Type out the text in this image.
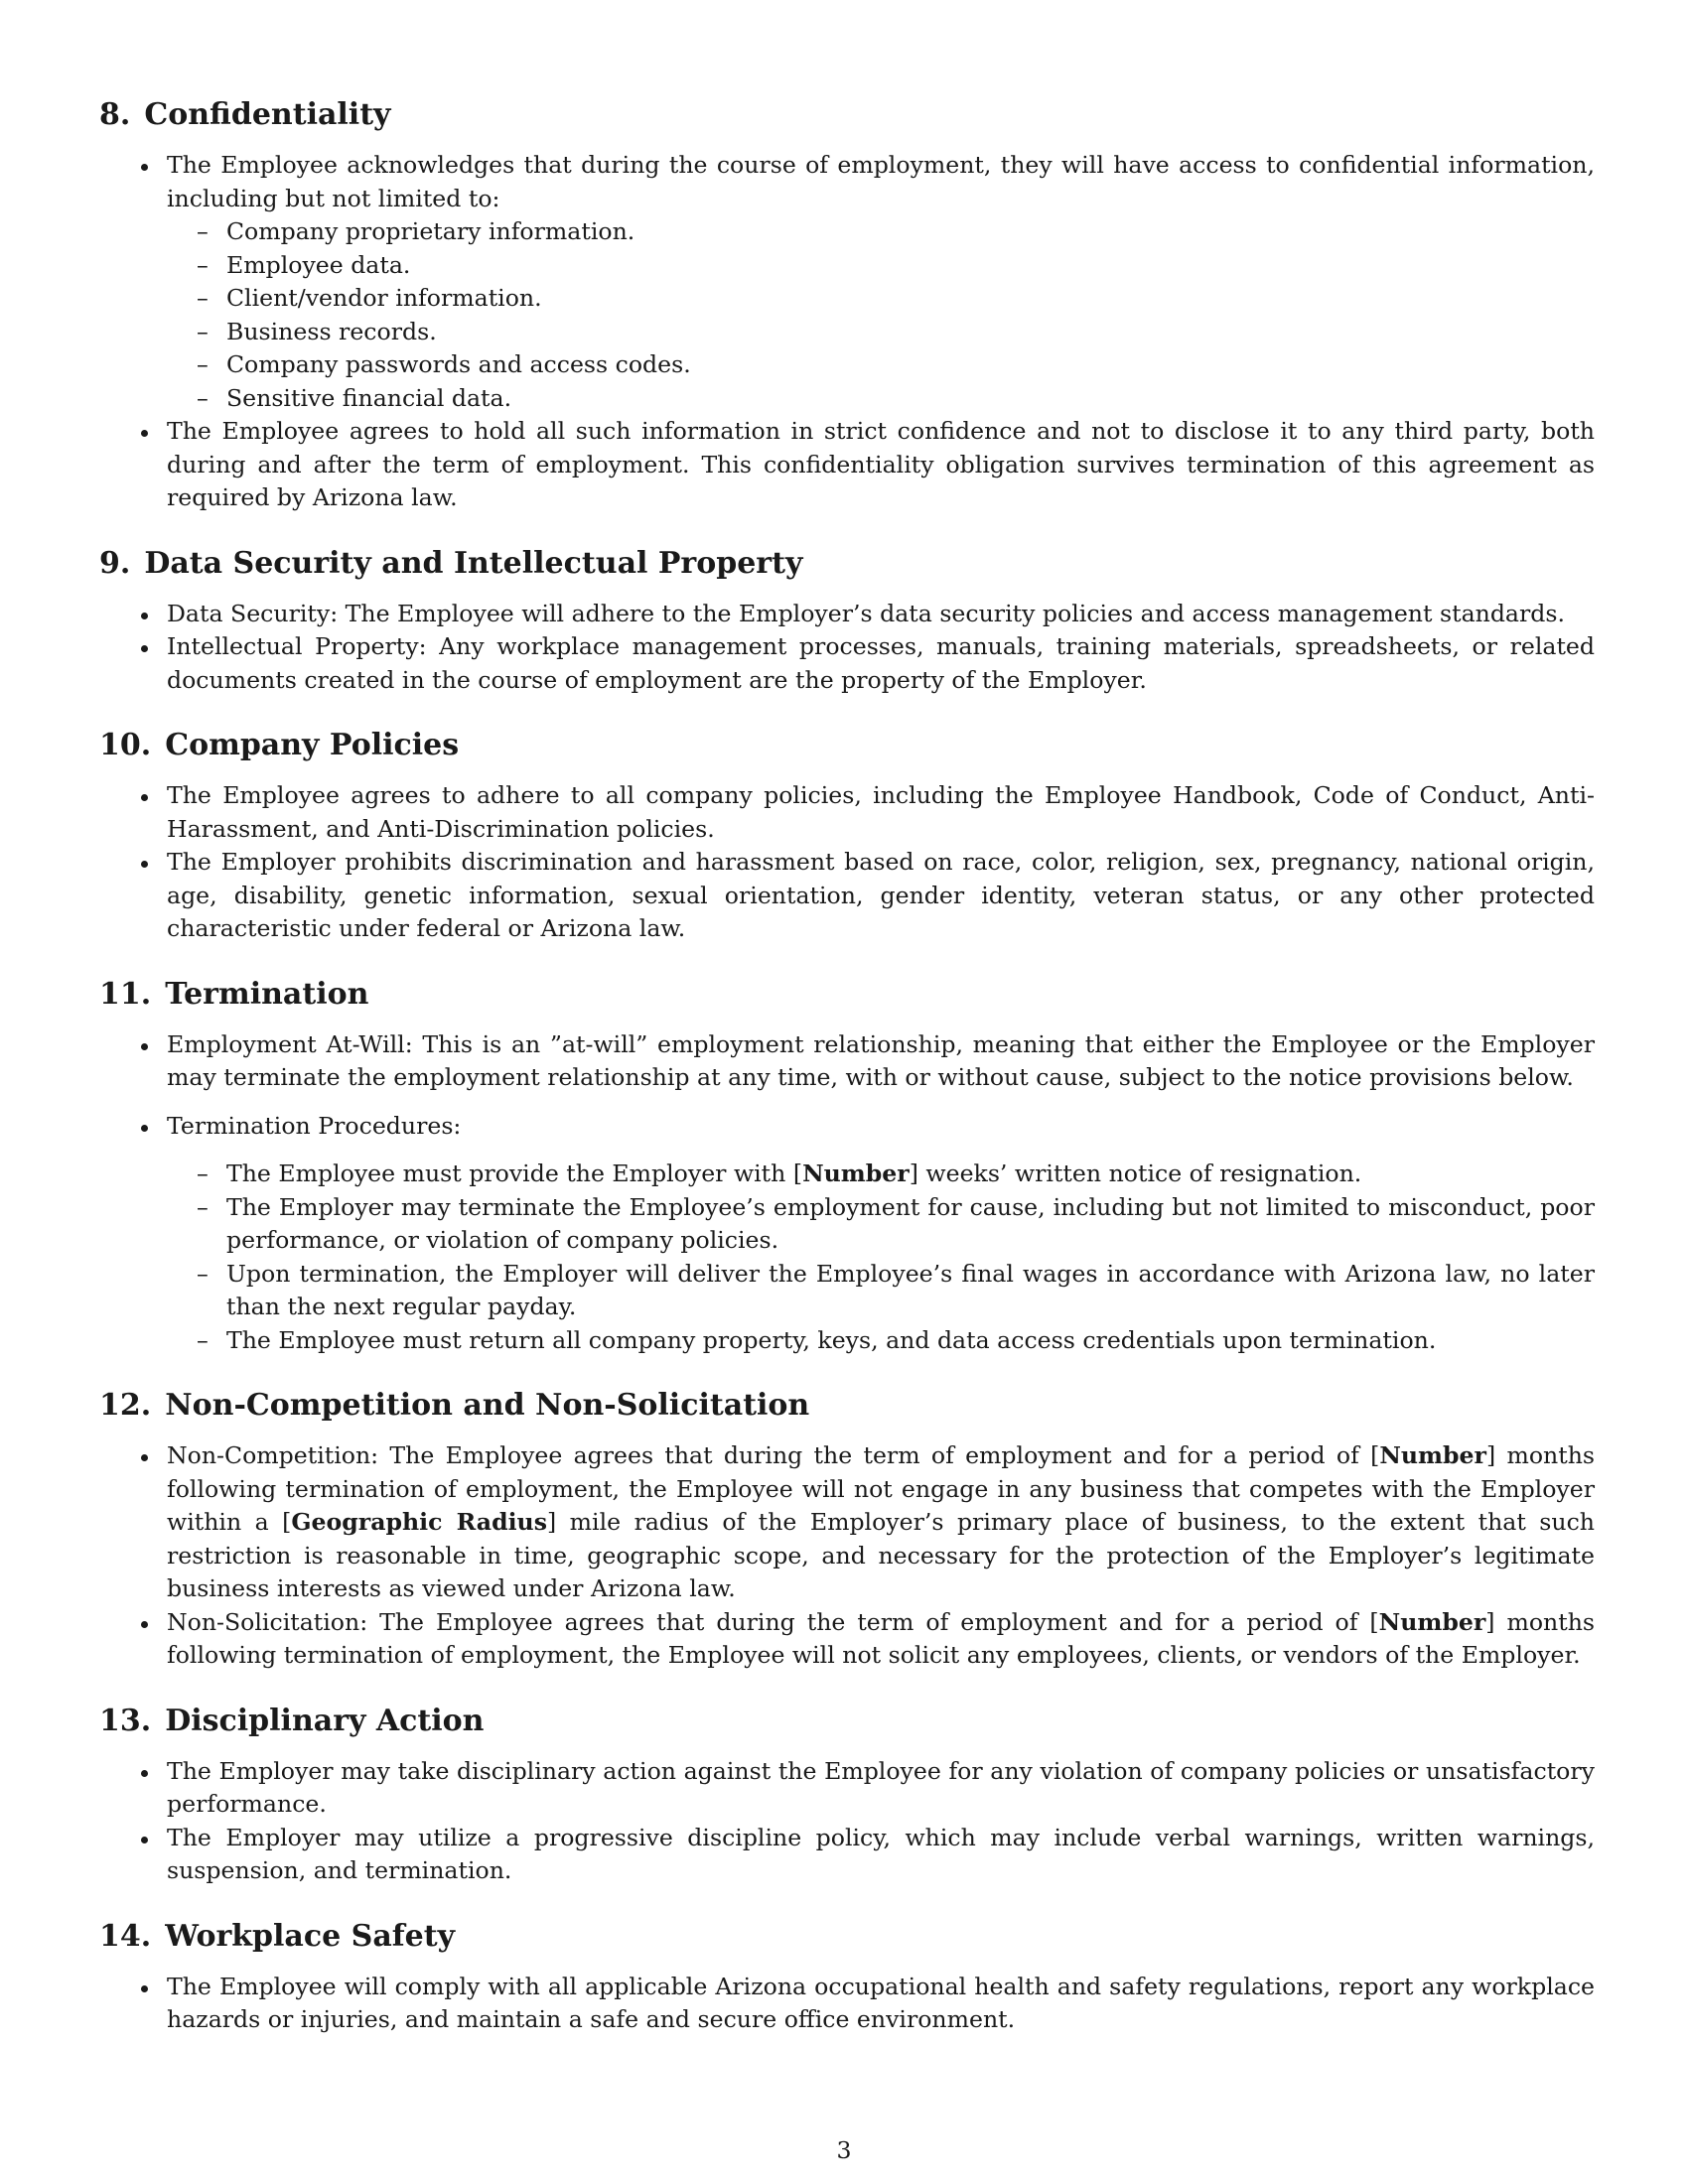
8. Confidentiality
The Employee acknowledges that during the course of employment, they will have access to confidential information, including but not limited to:
– Company proprietary information.
– Employee data.
– Client/vendor information.
– Business records.
– Company passwords and access codes.
– Sensitive financial data.
The Employee agrees to hold all such information in strict confidence and not to disclose it to any third party, both during and after the term of employment. This confidentiality obligation survives termination of this agreement as required by Arizona law.
9. Data Security and Intellectual Property
Data Security: The Employee will adhere to the Employer’s data security policies and access management standards.
Intellectual Property: Any workplace management processes, manuals, training materials, spreadsheets, or related documents created in the course of employment are the property of the Employer.
10. Company Policies
The Employee agrees to adhere to all company policies, including the Employee Handbook, Code of Conduct, Anti-Harassment, and Anti-Discrimination policies.
The Employer prohibits discrimination and harassment based on race, color, religion, sex, pregnancy, national origin, age, disability, genetic information, sexual orientation, gender identity, veteran status, or any other protected characteristic under federal or Arizona law.
11. Termination
Employment At-Will: This is an ”at-will” employment relationship, meaning that either the Employee or the Employer may terminate the employment relationship at any time, with or without cause, subject to the notice provisions below.
Termination Procedures:
– The Employee must provide the Employer with [Number] weeks’ written notice of resignation.
– The Employer may terminate the Employee’s employment for cause, including but not limited to misconduct, poor performance, or violation of company policies.
– Upon termination, the Employer will deliver the Employee’s final wages in accordance with Arizona law, no later than the next regular payday.
– The Employee must return all company property, keys, and data access credentials upon termination.
12. Non-Competition and Non-Solicitation
Non-Competition: The Employee agrees that during the term of employment and for a period of [Number] months following termination of employment, the Employee will not engage in any business that competes with the Employer within a [Geographic Radius] mile radius of the Employer’s primary place of business, to the extent that such restriction is reasonable in time, geographic scope, and necessary for the protection of the Employer’s legitimate business interests as viewed under Arizona law.
Non-Solicitation: The Employee agrees that during the term of employment and for a period of [Number] months following termination of employment, the Employee will not solicit any employees, clients, or vendors of the Employer.
13. Disciplinary Action
The Employer may take disciplinary action against the Employee for any violation of company policies or unsatisfactory performance.
The Employer may utilize a progressive discipline policy, which may include verbal warnings, written warnings, suspension, and termination.
14. Workplace Safety
The Employee will comply with all applicable Arizona occupational health and safety regulations, report any workplace hazards or injuries, and maintain a safe and secure office environment.
3
